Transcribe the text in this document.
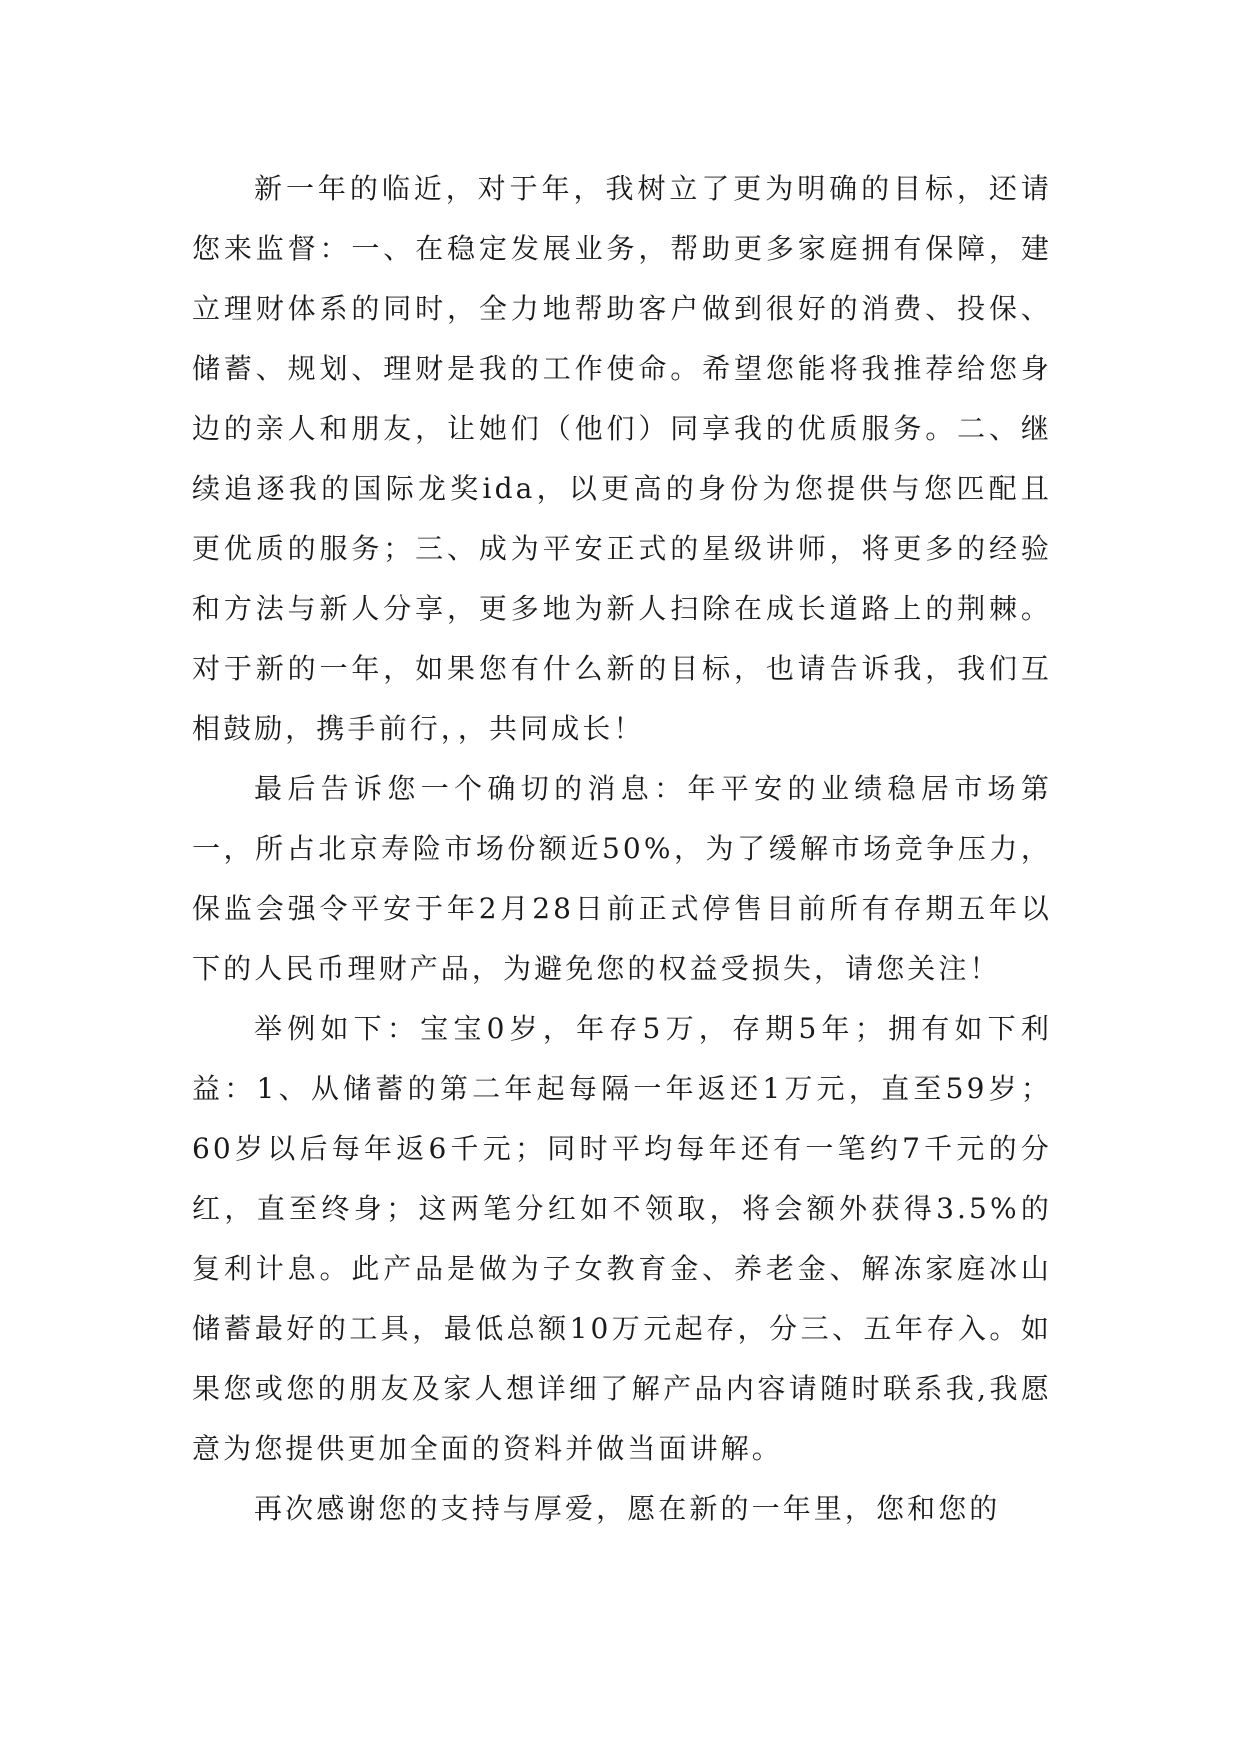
新一年的临近，对于年，我树立了更为明确的目标，还请您来监督：一、在稳定发展业务，帮助更多家庭拥有保障，建立理财体系的同时，全力地帮助客户做到很好的消费、投保、储蓄、规划、理财是我的工作使命。希望您能将我推荐给您身边的亲人和朋友，让她们（他们）同享我的优质服务。二、继续追逐我的国际龙奖ida，以更高的身份为您提供与您匹配且更优质的服务；三、成为平安正式的星级讲师，将更多的经验和方法与新人分享，更多地为新人扫除在成长道路上的荆棘。对于新的一年，如果您有什么新的目标，也请告诉我，我们互相鼓励，携手前行，，共同成长！

最后告诉您一个确切的消息：年平安的业绩稳居市场第一，所占北京寿险市场份额近50%，为了缓解市场竞争压力，保监会强令平安于年2月28日前正式停售目前所有存期五年以下的人民币理财产品，为避免您的权益受损失，请您关注！

举例如下：宝宝0岁，年存5万，存期5年；拥有如下利益：1、从储蓄的第二年起每隔一年返还1万元，直至59岁；60岁以后每年返6千元；同时平均每年还有一笔约7千元的分红，直至终身；这两笔分红如不领取，将会额外获得3.5%的复利计息。此产品是做为子女教育金、养老金、解冻家庭冰山储蓄最好的工具，最低总额10万元起存，分三、五年存入。如果您或您的朋友及家人想详细了解产品内容请随时联系我,我愿意为您提供更加全面的资料并做当面讲解。

再次感谢您的支持与厚爱，愿在新的一年里，您和您的
